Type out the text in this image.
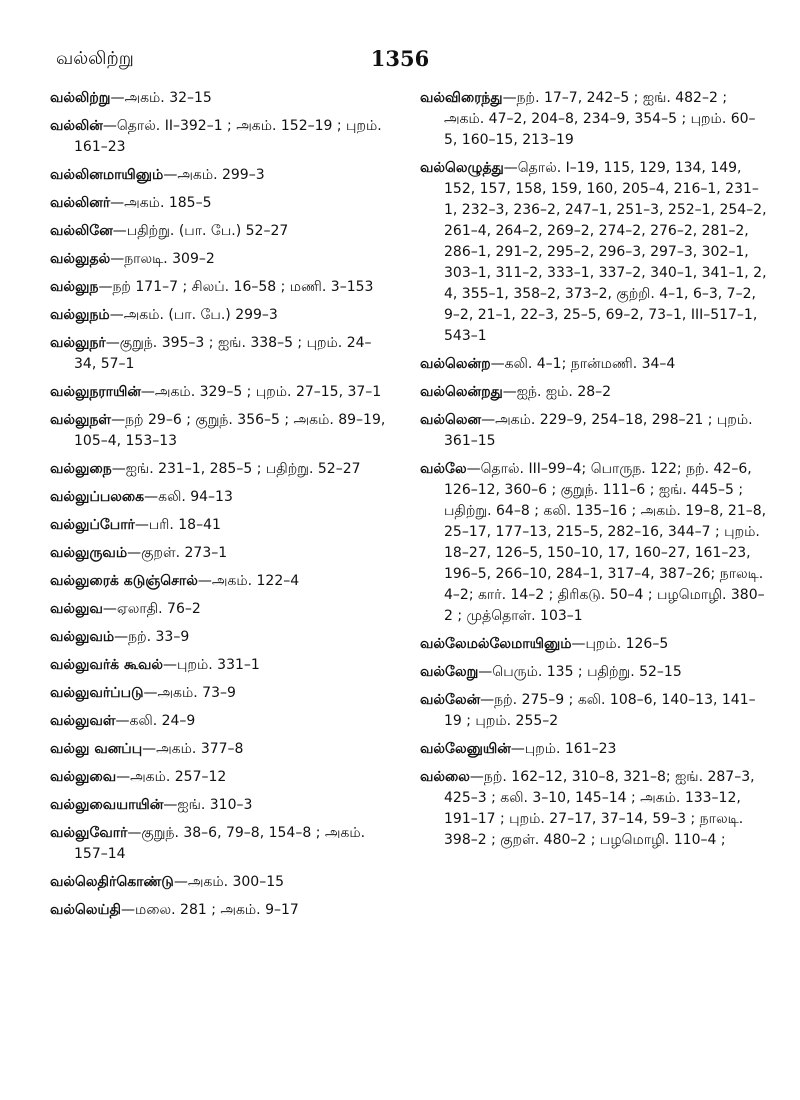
வல்லிற்று	1356
வல்லிற்று—அகம். 32–15
வல்லின்—தொல். II–392–1 ; அகம். 152–19 ; புறம். 161–23
வல்லினமாயினும்—அகம். 299–3
வல்லினர்—அகம். 185–5
வல்லினே—பதிற்று. (பா. பே.) 52–27
வல்லுதல்—நாலடி. 309–2
வல்லுந—நற் 171–7 ; சிலப். 16–58 ; மணி. 3–153
வல்லுநம்—அகம். (பா. பே.) 299–3
வல்லுநர்—குறுந். 395–3 ; ஐங். 338–5 ; புறம். 24–34, 57–1
வல்லுநராயின்—அகம். 329–5 ; புறம். 27–15, 37–1
வல்லுநள்—நற் 29–6 ; குறுந். 356–5 ; அகம். 89–19, 105–4, 153–13
வல்லுநை—ஐங். 231–1, 285–5 ; பதிற்று. 52–27
வல்லுப்பலகை—கலி. 94–13
வல்லுப்போர்—பரி. 18–41
வல்லுருவம்—குறள். 273–1
வல்லுரைக் கடுஞ்சொல்—அகம். 122–4
வல்லுவ—ஏலாதி. 76–2
வல்லுவம்—நற். 33–9
வல்லுவர்க் கூவல்—புறம். 331–1
வல்லுவர்ப்படு—அகம். 73–9
வல்லுவள்—கலி. 24–9
வல்லு வனப்பு—அகம். 377–8
வல்லுவை—அகம். 257–12
வல்லுவையாயின்—ஐங். 310–3
வல்லுவோர்—குறுந். 38–6, 79–8, 154–8 ; அகம். 157–14
வல்லெதிர்கொண்டு—அகம். 300–15
வல்லெய்தி—மலை. 281 ; அகம். 9–17
வல்விரைந்து—நற். 17–7, 242–5 ; ஐங். 482–2 ; அகம். 47–2, 204–8, 234–9, 354–5 ; புறம். 60–5, 160–15, 213–19
வல்லெழுத்து—தொல். I–19, 115, 129, 134, 149, 152, 157, 158, 159, 160, 205–4, 216–1, 231–1, 232–3, 236–2, 247–1, 251–3, 252–1, 254–2, 261–4, 264–2, 269–2, 274–2, 276–2, 281–2, 286–1, 291–2, 295–2, 296–3, 297–3, 302–1, 303–1, 311–2, 333–1, 337–2, 340–1, 341–1, 2, 4, 355–1, 358–2, 373–2, குற்றி. 4–1, 6–3, 7–2, 9–2, 21–1, 22–3, 25–5, 69–2, 73–1, III–517–1, 543–1
வல்லென்ற—கலி. 4–1; நான்மணி. 34–4
வல்லென்றது—ஐந். ஐம். 28–2
வல்லென—அகம். 229–9, 254–18, 298–21 ; புறம். 361–15
வல்லே—தொல். III–99–4; பொருந. 122; நற். 42–6, 126–12, 360–6 ; குறுந். 111–6 ; ஐங். 445–5 ; பதிற்று. 64–8 ; கலி. 135–16 ; அகம். 19–8, 21–8, 25–17, 177–13, 215–5, 282–16, 344–7 ; புறம். 18–27, 126–5, 150–10, 17, 160–27, 161–23, 196–5, 266–10, 284–1, 317–4, 387–26; நாலடி. 4–2; கார். 14–2 ; திரிகடு. 50–4 ; பழமொழி. 380–2 ; முத்தொள். 103–1
வல்லேமல்லேமாயினும்—புறம். 126–5
வல்லேறு—பெரும். 135 ; பதிற்று. 52–15
வல்லேன்—நற். 275–9 ; கலி. 108–6, 140–13, 141–19 ; புறம். 255–2
வல்லேனுயின்—புறம். 161–23
வல்லை—நற். 162–12, 310–8, 321–8; ஐங். 287–3, 425–3 ; கலி. 3–10, 145–14 ; அகம். 133–12, 191–17 ; புறம். 27–17, 37–14, 59–3 ; நாலடி. 398–2 ; குறள். 480–2 ; பழமொழி. 110–4 ;
